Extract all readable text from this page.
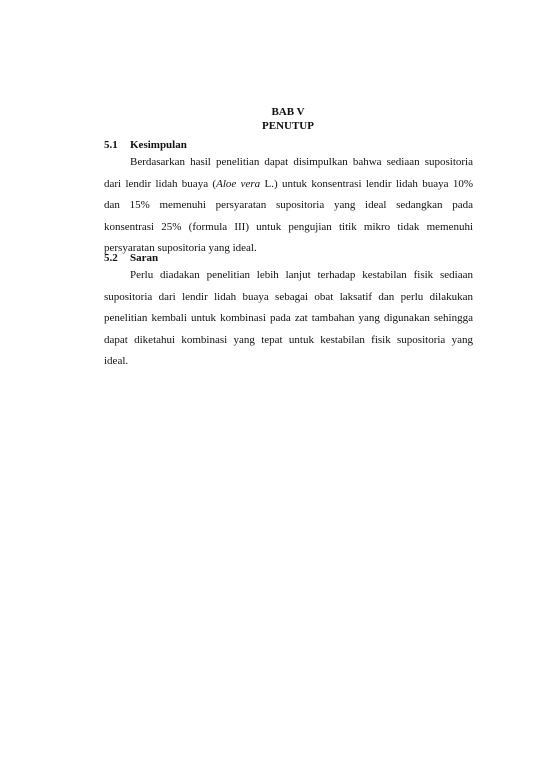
BAB V
PENUTUP
5.1 Kesimpulan
Berdasarkan hasil penelitian dapat disimpulkan bahwa sediaan supositoria
dari lendir lidah buaya (Aloe vera L.) untuk konsentrasi lendir lidah buaya 10%
dan 15% memenuhi persyaratan supositoria yang ideal sedangkan pada
konsentrasi 25% (formula III) untuk pengujian titik mikro tidak memenuhi
persyaratan supositoria yang ideal.
5.2 Saran
Perlu diadakan penelitian lebih lanjut terhadap kestabilan fisik sediaan
supositoria dari lendir lidah buaya sebagai obat laksatif dan perlu dilakukan
penelitian kembali untuk kombinasi pada zat tambahan yang digunakan sehingga
dapat diketahui kombinasi yang tepat untuk kestabilan fisik supositoria yang
ideal.
